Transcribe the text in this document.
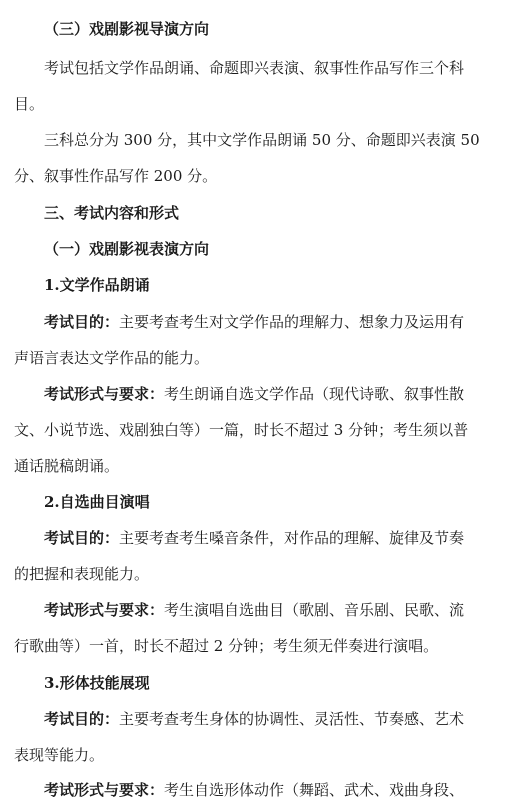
（三）戏剧影视导演方向

考试包括文学作品朗诵、命题即兴表演、叙事性作品写作三个科

目。

三科总分为 300 分，其中文学作品朗诵 50 分、命题即兴表演 50

分、叙事性作品写作 200 分。

三、考试内容和形式

（一）戏剧影视表演方向

1.文学作品朗诵

考试目的：主要考查考生对文学作品的理解力、想象力及运用有

声语言表达文学作品的能力。

考试形式与要求：考生朗诵自选文学作品（现代诗歌、叙事性散

文、小说节选、戏剧独白等）一篇，时长不超过 3 分钟；考生须以普

通话脱稿朗诵。

2.自选曲目演唱

考试目的：主要考查考生嗓音条件，对作品的理解、旋律及节奏

的把握和表现能力。

考试形式与要求：考生演唱自选曲目（歌剧、音乐剧、民歌、流

行歌曲等）一首，时长不超过 2 分钟；考生须无伴奏进行演唱。

3.形体技能展现

考试目的：主要考查考生身体的协调性、灵活性、节奏感、艺术

表现等能力。

考试形式与要求：考生自选形体动作（舞蹈、武术、戏曲身段、
